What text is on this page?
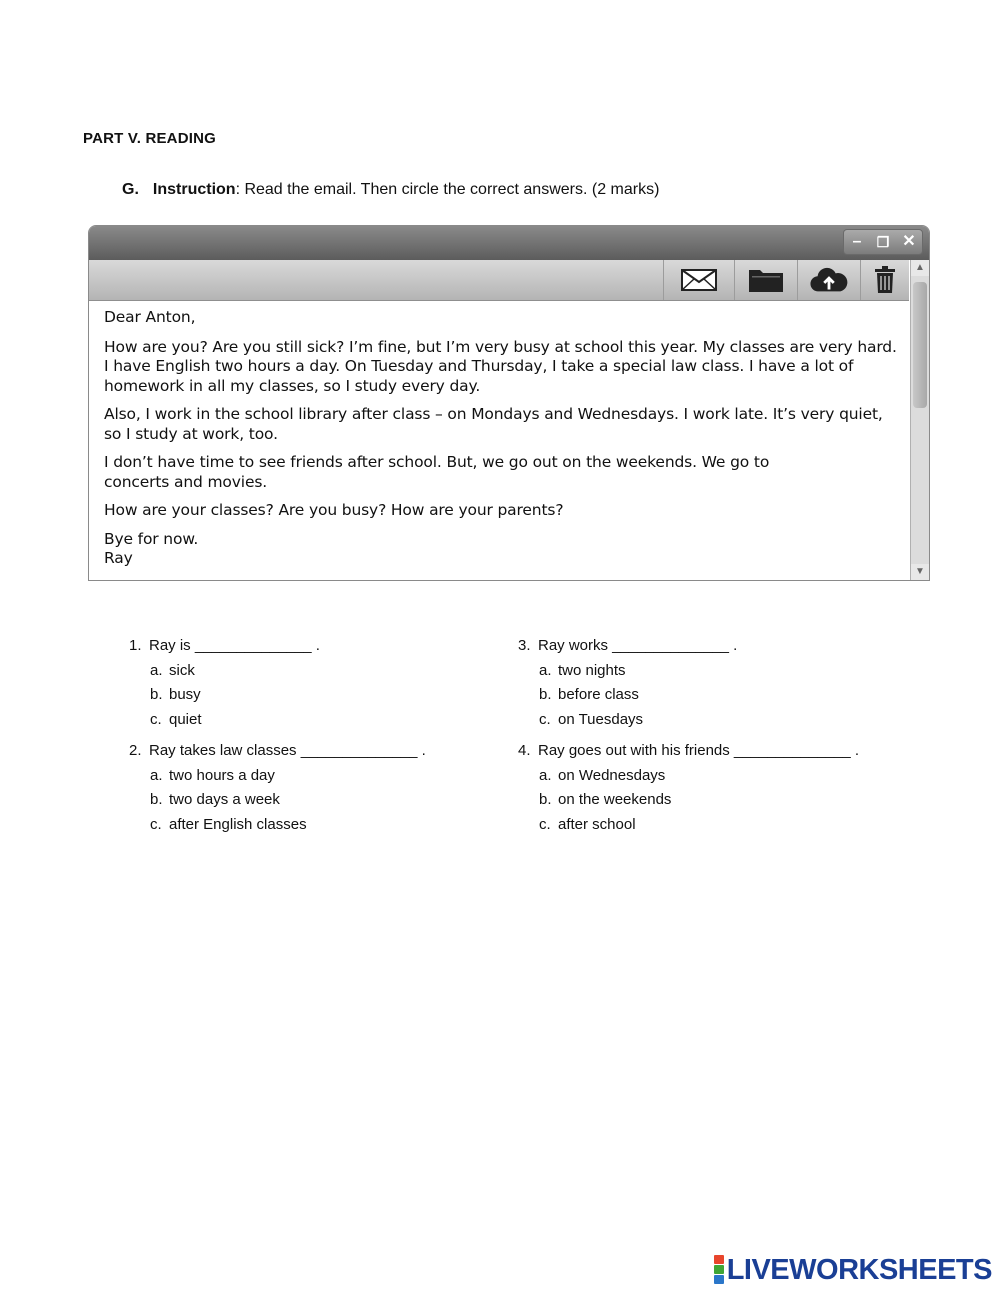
PART V. READING
G. Instruction: Read the email. Then circle the correct answers. (2 marks)
–	❐ ✕
▲
▼

Dear Anton,

How are you? Are you still sick? I’m fine, but I’m very busy at school this year. My classes are very hard. I have English two hours a day. On Tuesday and Thursday, I take a special law class. I have a lot of homework in all my classes, so I study every day.

Also, I work in the school library after class – on Mondays and Wednesdays. I work late. It’s very quiet, so I study at work, too.

I don’t have time to see friends after school. But, we go out on the weekends. We go to concerts and movies.

How are your classes? Are you busy? How are your parents?

Bye for now.

Ray

1. Ray is ______________ .
a. sick
b. busy
c. quiet
2. Ray takes law classes ______________ .
a. two hours a day
b. two days a week
c. after English classes
3. Ray works ______________ .
a. two nights
b. before class
c. on Tuesdays
4. Ray goes out with his friends ______________ .
a. on Wednesdays
b. on the weekends
c. after school
LIVEWORKSHEETS
